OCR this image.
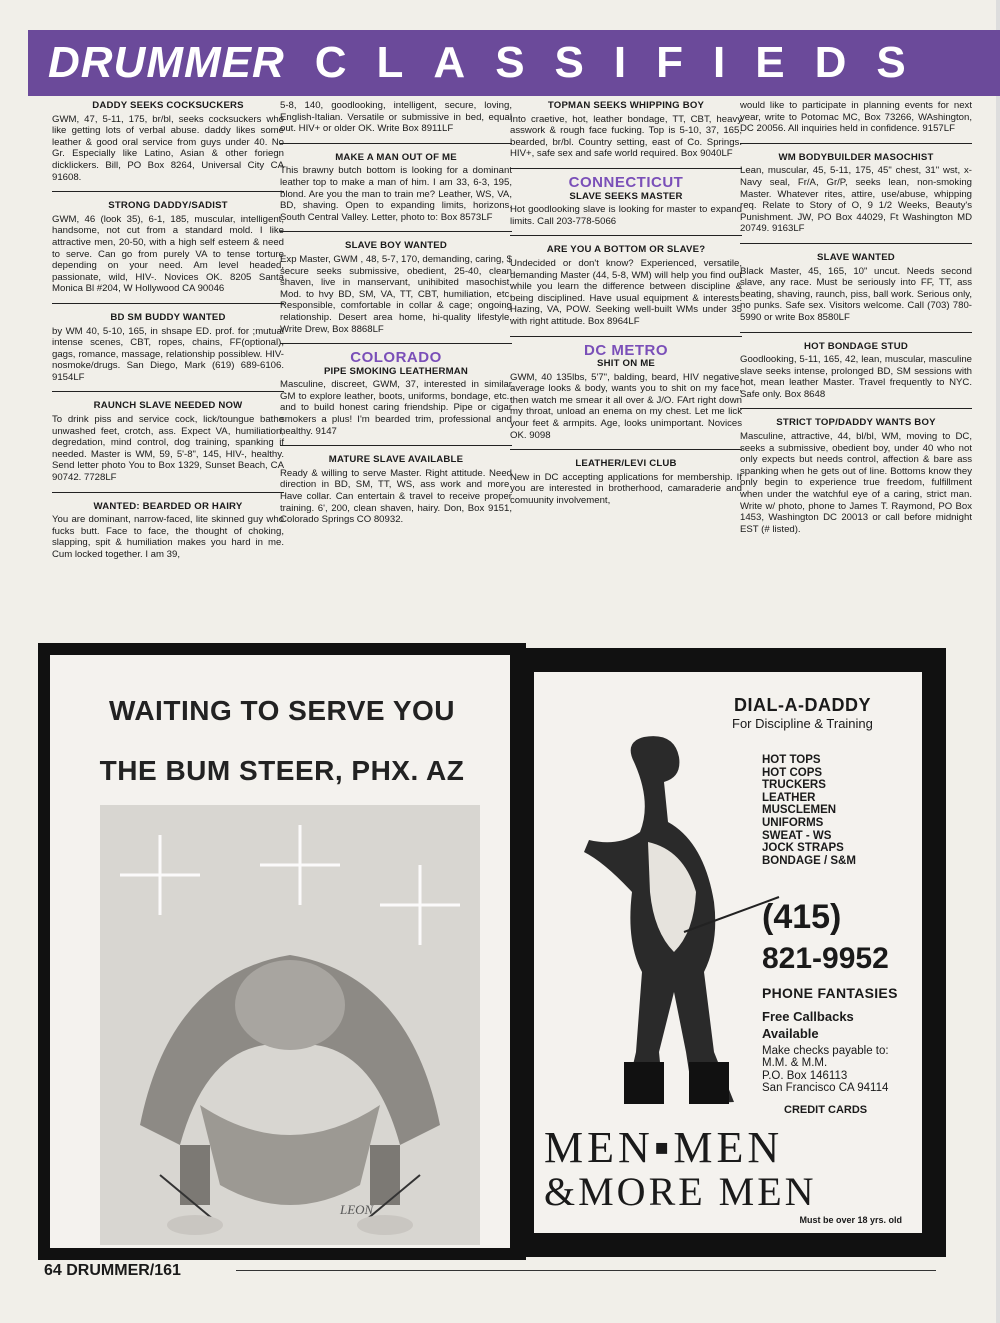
DRUMMER CLASSIFIEDS
DADDY SEEKS COCKSUCKERS

GWM, 47, 5-11, 175, br/bl, seeks cocksuckers who like getting lots of verbal abuse. daddy likes some leather & good oral service from guys under 40. No Gr. Especially like Latino, Asian & other foriegn dicklickers. Bill, PO Box 8264, Universal City CA 91608.

STRONG DADDY/SADIST

GWM, 46 (look 35), 6-1, 185, muscular, intelligent, handsome, not cut from a standard mold. I like attractive men, 20-50, with a high self esteem & need to serve. Can go from purely VA to tense torture depending on your need. Am level headed, passionate, wild, HIV-. Novices OK. 8205 Santa Monica Bl #204, W Hollywood CA 90046

BD SM BUDDY WANTED

by WM 40, 5-10, 165, in shsape ED. prof. for ;mutual intense scenes, CBT, ropes, chains, FF(optional), gags, romance, massage, relationship possiblew. HIV- nosmoke/drugs. San Diego, Mark (619) 689-6106. 9154LF

RAUNCH SLAVE NEEDED NOW

To drink piss and service cock, lick/toungue bathe unwashed feet, crotch, ass. Expect VA, humiliation, degredation, mind control, dog training, spanking if needed. Master is WM, 59, 5'-8", 145, HIV-, healthy. Send letter photo You to Box 1329, Sunset Beach, CA 90742. 7728LF

WANTED: BEARDED OR HAIRY

You are dominant, narrow-faced, lite skinned guy who fucks butt. Face to face, the thought of choking, slapping, spit & humiliation makes you hard in me. Cum locked together. I am 39,

5-8, 140, goodlooking, intelligent, secure, loving, English-Italian. Versatile or submissive in bed, equal out. HIV+ or older OK. Write Box 8911LF

MAKE A MAN OUT OF ME

This brawny butch bottom is looking for a dominant leather top to make a man of him. I am 33, 6-3, 195, blond. Are you the man to train me? Leather, WS, VA, BD, shaving. Open to expanding limits, horizons. South Central Valley. Letter, photo to: Box 8573LF

SLAVE BOY WANTED

Exp Master, GWM , 48, 5-7, 170, demanding, caring, $ secure seeks submissive, obedient, 25-40, clean shaven, live in manservant, unihibited masochist. Mod. to hvy BD, SM, VA, TT, CBT, humiliation, etc. Responsible, comfortable in collar & cage; ongoing relationship. Desert area home, hi-quality lifestyle. Write Drew, Box 8868LF

COLORADO
PIPE SMOKING LEATHERMAN

Masculine, discreet, GWM, 37, interested in similar GM to explore leather, boots, uniforms, bondage, etc., and to build honest caring friendship. Pipe or cigar smokers a plus! I'm bearded trim, professional and healthy. 9147

MATURE SLAVE AVAILABLE

Ready & willing to serve Master. Right attitude. Need direction in BD, SM, TT, WS, ass work and more. Have collar. Can entertain & travel to receive proper training. 6', 200, clean shaven, hairy. Don, Box 9151, Colorado Springs CO 80932.

TOPMAN SEEKS WHIPPING BOY

Into craetive, hot, leather bondage, TT, CBT, heavy asswork & rough face fucking. Top is 5-10, 37, 165, bearded, br/bl. Country setting, east of Co. Springs. HIV+, safe sex and safe world required. Box 9040LF

CONNECTICUT
SLAVE SEEKS MASTER

Hot goodlooking slave is looking for master to expand limits. Call 203-778-5066

ARE YOU A BOTTOM OR SLAVE?

Undecided or don't know? Experienced, versatile, demanding Master (44, 5-8, WM) will help you find out while you learn the difference between discipline & being disciplined. Have usual equipment & interests. Hazing, VA, POW. Seeking well-built WMs under 35 with right attitude. Box 8964LF

DC METRO
SHIT ON ME

GWM, 40 135lbs, 5'7", balding, beard, HIV negative, average looks & body, wants you to shit on my face, then watch me smear it all over & J/O. FArt right down my throat, unload an enema on my chest. Let me lick your feet & armpits. Age, looks unimportant. Novices OK. 9098

LEATHER/LEVI CLUB

New in DC accepting applications for membership. If you are interested in brotherhood, camaraderie and comuunity involvement,

would like to participate in planning events for next year, write to Potomac MC, Box 73266, WAshington, DC 20056. All inquiries held in confidence. 9157LF

WM BODYBUILDER MASOCHIST

Lean, muscular, 45, 5-11, 175, 45" chest, 31" wst, x-Navy seal, Fr/A, Gr/P, seeks lean, non-smoking Master. Whatever rites, attire, use/abuse, whipping req. Relate to Story of O, 9 1/2 Weeks, Beauty's Punishment. JW, PO Box 44029, Ft Washington MD 20749. 9163LF

SLAVE WANTED

Black Master, 45, 165, 10" uncut. Needs second slave, any race. Must be seriously into FF, TT, ass beating, shaving, raunch, piss, ball work. Serious only, no punks. Safe sex. Visitors welcome. Call (703) 780-5990 or write Box 8580LF

HOT BONDAGE STUD

Goodlooking, 5-11, 165, 42, lean, muscular, masculine slave seeks intense, prolonged BD, SM sessions with hot, mean leather Master. Travel frequently to NYC. Safe only. Box 8648

STRICT TOP/DADDY WANTS BOY

Masculine, attractive, 44, bl/bl, WM, moving to DC, seeks a submissive, obedient boy, under 40 who not only expects but needs control, affection & bare ass spanking when he gets out of line. Bottoms know they only begin to experience true freedom, fulfillment when under the watchful eye of a caring, strict man. Write w/ photo, phone to James T. Raymond, PO Box 1453, Washington DC 20013 or call before midnight EST (# listed).

WAITING TO SERVE YOU
THE BUM STEER, PHX. AZ
LEON
DIAL-A-DADDY
For Discipline & Training
HOT TOPS
HOT COPS
TRUCKERS
LEATHER
MUSCLEMEN
UNIFORMS
SWEAT - WS
JOCK STRAPS
BONDAGE / S&M
(415)
821-9952
PHONE FANTASIES
Free Callbacks
Available
Make checks payable to:
M.M. & M.M.
P.O. Box 146113
San Francisco CA 94114
CREDIT CARDS
MEN▪MEN
&MORE MEN
Must be over 18 yrs. old
64 DRUMMER/161
